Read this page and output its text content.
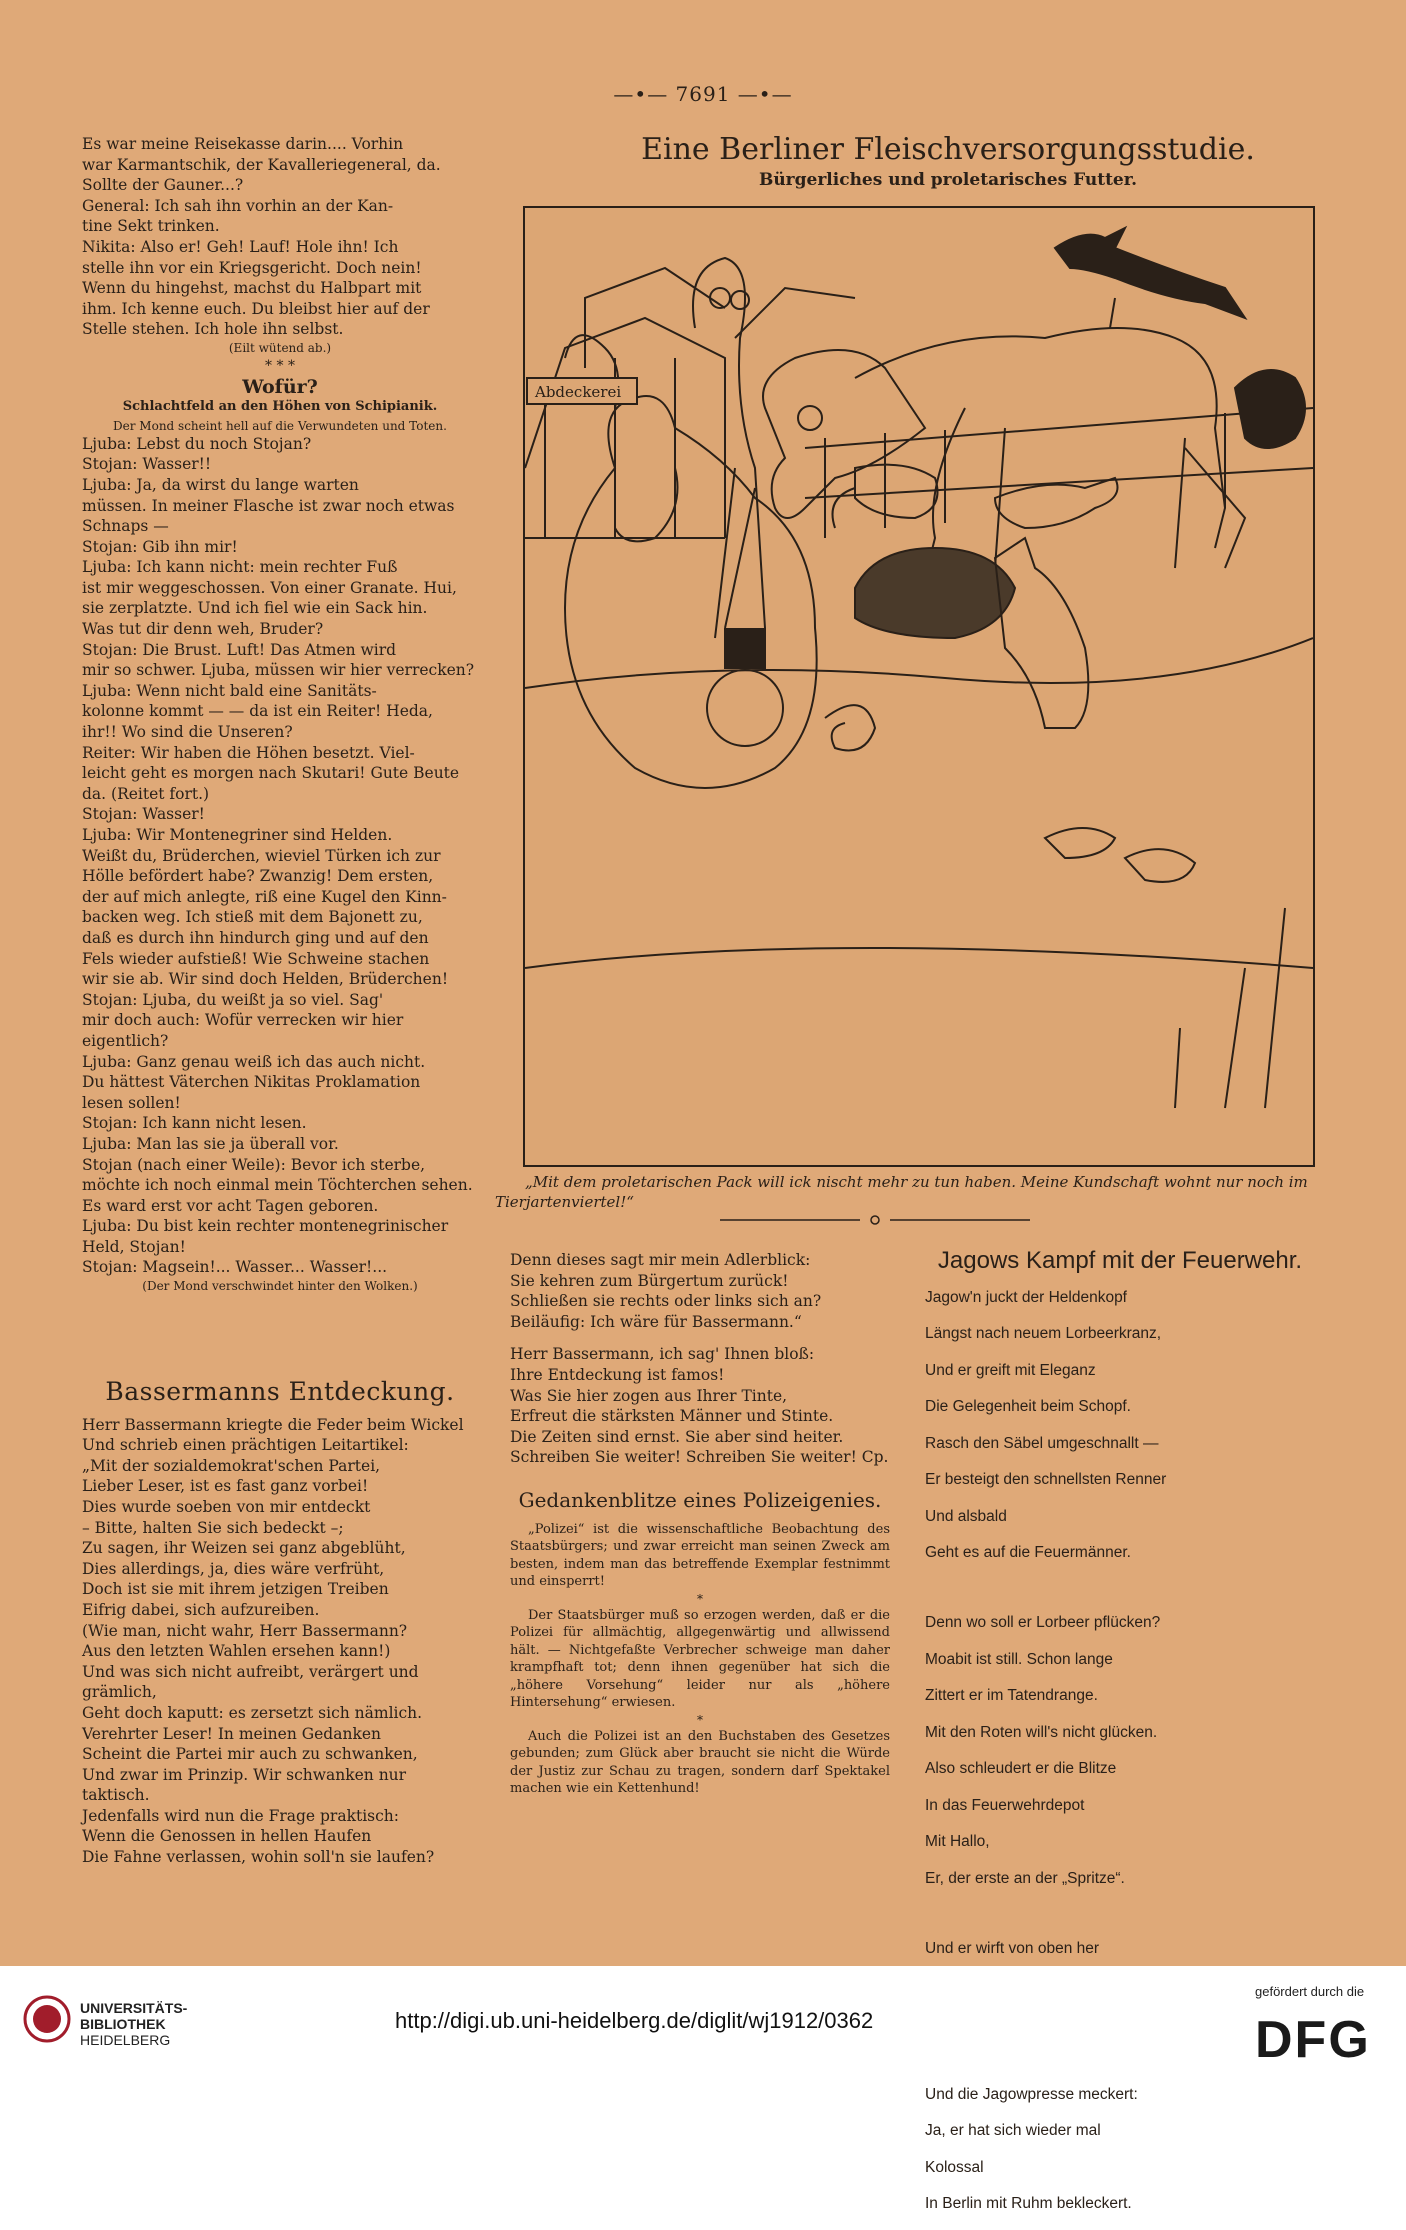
—•— 7691 —•—

Es war meine Reisekasse darin.... Vorhin

war Karmantschik, der Kavalleriegeneral, da.

Sollte der Gauner...?

General: Ich sah ihn vorhin an der Kan-

tine Sekt trinken.

Nikita: Also er! Geh! Lauf! Hole ihn! Ich

stelle ihn vor ein Kriegsgericht. Doch nein!

Wenn du hingehst, machst du Halbpart mit

ihm. Ich kenne euch. Du bleibst hier auf der

Stelle stehen. Ich hole ihn selbst.

(Eilt wütend ab.)

* * *

Wofür?

Schlachtfeld an den Höhen von Schipianik.

Der Mond scheint hell auf die Verwundeten und Toten.

Ljuba: Lebst du noch Stojan?

Stojan: Wasser!!

Ljuba: Ja, da wirst du lange warten

müssen. In meiner Flasche ist zwar noch etwas

Schnaps —

Stojan: Gib ihn mir!

Ljuba: Ich kann nicht: mein rechter Fuß

ist mir weggeschossen. Von einer Granate. Hui,

sie zerplatzte. Und ich fiel wie ein Sack hin.

Was tut dir denn weh, Bruder?

Stojan: Die Brust. Luft! Das Atmen wird

mir so schwer. Ljuba, müssen wir hier verrecken?

Ljuba: Wenn nicht bald eine Sanitäts-

kolonne kommt — — da ist ein Reiter! Heda,

ihr!! Wo sind die Unseren?

Reiter: Wir haben die Höhen besetzt. Viel-

leicht geht es morgen nach Skutari! Gute Beute

da. (Reitet fort.)

Stojan: Wasser!

Ljuba: Wir Montenegriner sind Helden.

Weißt du, Brüderchen, wieviel Türken ich zur

Hölle befördert habe? Zwanzig! Dem ersten,

der auf mich anlegte, riß eine Kugel den Kinn-

backen weg. Ich stieß mit dem Bajonett zu,

daß es durch ihn hindurch ging und auf den

Fels wieder aufstieß! Wie Schweine stachen

wir sie ab. Wir sind doch Helden, Brüderchen!

Stojan: Ljuba, du weißt ja so viel. Sag'

mir doch auch: Wofür verrecken wir hier

eigentlich?

Ljuba: Ganz genau weiß ich das auch nicht.

Du hättest Väterchen Nikitas Proklamation

lesen sollen!

Stojan: Ich kann nicht lesen.

Ljuba: Man las sie ja überall vor.

Stojan (nach einer Weile): Bevor ich sterbe,

möchte ich noch einmal mein Töchterchen sehen.

Es ward erst vor acht Tagen geboren.

Ljuba: Du bist kein rechter montenegrinischer

Held, Stojan!

Stojan: Magsein!... Wasser... Wasser!...

(Der Mond verschwindet hinter den Wolken.)

Bassermanns Entdeckung.

Herr Bassermann kriegte die Feder beim Wickel

Und schrieb einen prächtigen Leitartikel:

„Mit der sozialdemokrat'schen Partei,

Lieber Leser, ist es fast ganz vorbei!

Dies wurde soeben von mir entdeckt

– Bitte, halten Sie sich bedeckt –;

Zu sagen, ihr Weizen sei ganz abgeblüht,

Dies allerdings, ja, dies wäre verfrüht,

Doch ist sie mit ihrem jetzigen Treiben

Eifrig dabei, sich aufzureiben.

(Wie man, nicht wahr, Herr Bassermann?

Aus den letzten Wahlen ersehen kann!)

Und was sich nicht aufreibt, verärgert und grämlich,

Geht doch kaputt: es zersetzt sich nämlich.

Verehrter Leser! In meinen Gedanken

Scheint die Partei mir auch zu schwanken,

Und zwar im Prinzip. Wir schwanken nur taktisch.

Jedenfalls wird nun die Frage praktisch:

Wenn die Genossen in hellen Haufen

Die Fahne verlassen, wohin soll'n sie laufen?

Eine Berliner Fleischversorgungsstudie.
Bürgerliches und proletarisches Futter.
Abdeckerei
„Mit dem proletarischen Pack will ick nischt mehr zu tun haben. Meine Kundschaft wohnt nur noch im Tierjartenviertel!“

Denn dieses sagt mir mein Adlerblick:

Sie kehren zum Bürgertum zurück!

Schließen sie rechts oder links sich an?

Beiläufig: Ich wäre für Bassermann.“

Herr Bassermann, ich sag' Ihnen bloß:

Ihre Entdeckung ist famos!

Was Sie hier zogen aus Ihrer Tinte,

Erfreut die stärksten Männer und Stinte.

Die Zeiten sind ernst. Sie aber sind heiter.

Schreiben Sie weiter! Schreiben Sie weiter! Cp.

Gedankenblitze eines Polizeigenies.

„Polizei“ ist die wissenschaftliche Beobachtung des Staatsbürgers; und zwar erreicht man seinen Zweck am besten, indem man das betreffende Exemplar festnimmt und einsperrt!

*

Der Staatsbürger muß so erzogen werden, daß er die Polizei für allmächtig, allgegenwärtig und allwissend hält. — Nichtgefaßte Verbrecher schweige man daher krampfhaft tot; denn ihnen gegenüber hat sich die „höhere Vorsehung“ leider nur als „höhere Hintersehung“ erwiesen.

*

Auch die Polizei ist an den Buchstaben des Gesetzes gebunden; zum Glück aber braucht sie nicht die Würde der Justiz zur Schau zu tragen, sondern darf Spektakel machen wie ein Kettenhund!

Jagows Kampf mit der Feuerwehr.

Jagow'n juckt der Heldenkopf

Längst nach neuem Lorbeerkranz,

Und er greift mit Eleganz

Die Gelegenheit beim Schopf.

Rasch den Säbel umgeschnallt —

Er besteigt den schnellsten Renner

Und alsbald

Geht es auf die Feuermänner.

Denn wo soll er Lorbeer pflücken?

Moabit ist still. Schon lange

Zittert er im Tatendrange.

Mit den Roten will's nicht glücken.

Also schleudert er die Blitze

In das Feuerwehrdepot

Mit Hallo,

Er, der erste an der „Spritze“.

Und er wirft von oben her

Und die Jagowpresse meckert:

Ja, er hat sich wieder mal

Kolossal

In Berlin mit Ruhm bekleckert.

UNIVERSITÄTS-
BIBLIOTHEK
HEIDELBERG
http://digi.ub.uni-heidelberg.de/diglit/wj1912/0362
gefördert durch die
DFG
